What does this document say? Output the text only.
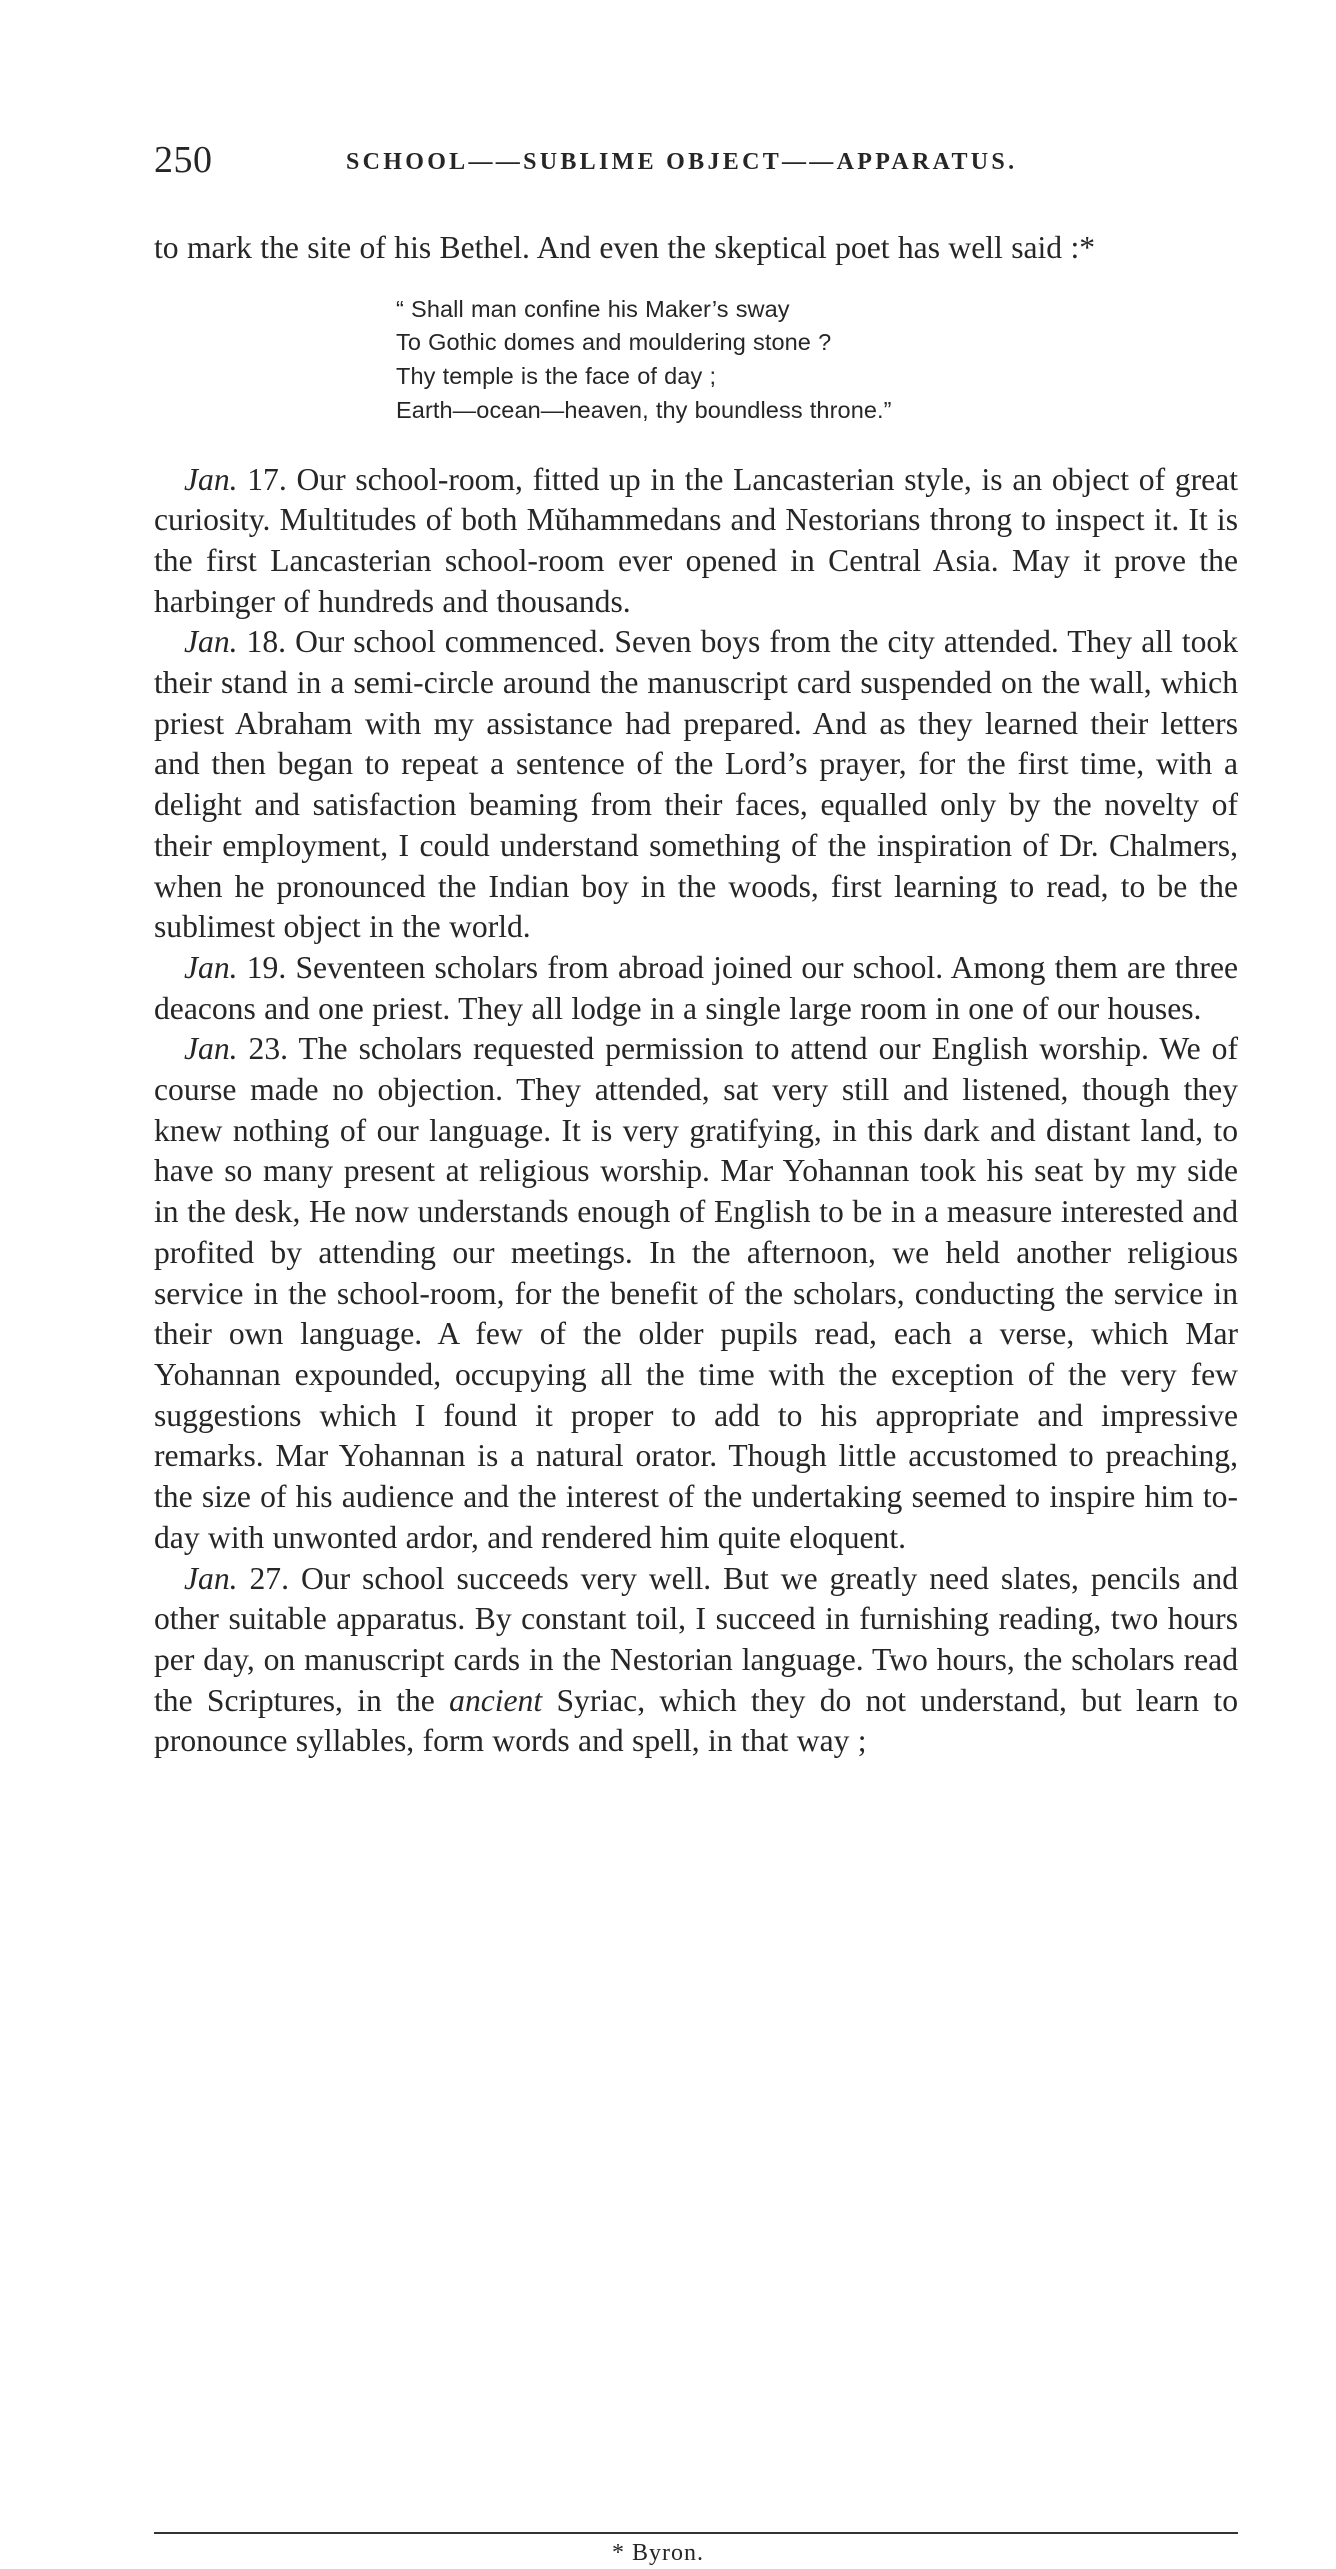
250	SCHOOL——SUBLIME OBJECT——APPARATUS.

to mark the site of his Bethel. And even the skeptical poet has well said :*

“ Shall man confine his Maker’s sway
To Gothic domes and mouldering stone ?
Thy temple is the face of day ;
Earth—ocean—heaven, thy boundless throne.”

Jan. 17. Our school-room, fitted up in the Lancasterian style, is an object of great curiosity. Multitudes of both Mŭhammedans and Nestorians throng to inspect it. It is the first Lancasterian school-room ever opened in Central Asia. May it prove the harbinger of hundreds and thousands.

Jan. 18. Our school commenced. Seven boys from the city attended. They all took their stand in a semi-circle around the manuscript card suspended on the wall, which priest Abraham with my assistance had prepared. And as they learned their letters and then began to repeat a sentence of the Lord’s prayer, for the first time, with a delight and satisfaction beaming from their faces, equalled only by the novelty of their employment, I could understand something of the inspiration of Dr. Chalmers, when he pronounced the Indian boy in the woods, first learning to read, to be the sublimest object in the world.

Jan. 19. Seventeen scholars from abroad joined our school. Among them are three deacons and one priest. They all lodge in a single large room in one of our houses.

Jan. 23. The scholars requested permission to attend our English worship. We of course made no objection. They attended, sat very still and listened, though they knew nothing of our language. It is very gratifying, in this dark and distant land, to have so many present at religious worship. Mar Yohannan took his seat by my side in the desk, He now understands enough of English to be in a measure interested and profited by attending our meetings. In the afternoon, we held another religious service in the school-room, for the benefit of the scholars, conducting the service in their own language. A few of the older pupils read, each a verse, which Mar Yohannan expounded, occupying all the time with the exception of the very few suggestions which I found it proper to add to his appropriate and impressive remarks. Mar Yohannan is a natural orator. Though little accustomed to preaching, the size of his audience and the interest of the undertaking seemed to inspire him to-day with unwonted ardor, and rendered him quite eloquent.

Jan. 27. Our school succeeds very well. But we greatly need slates, pencils and other suitable apparatus. By constant toil, I succeed in furnishing reading, two hours per day, on manuscript cards in the Nestorian language. Two hours, the scholars read the Scriptures, in the ancient Syriac, which they do not understand, but learn to pronounce syllables, form words and spell, in that way ;

* Byron.
